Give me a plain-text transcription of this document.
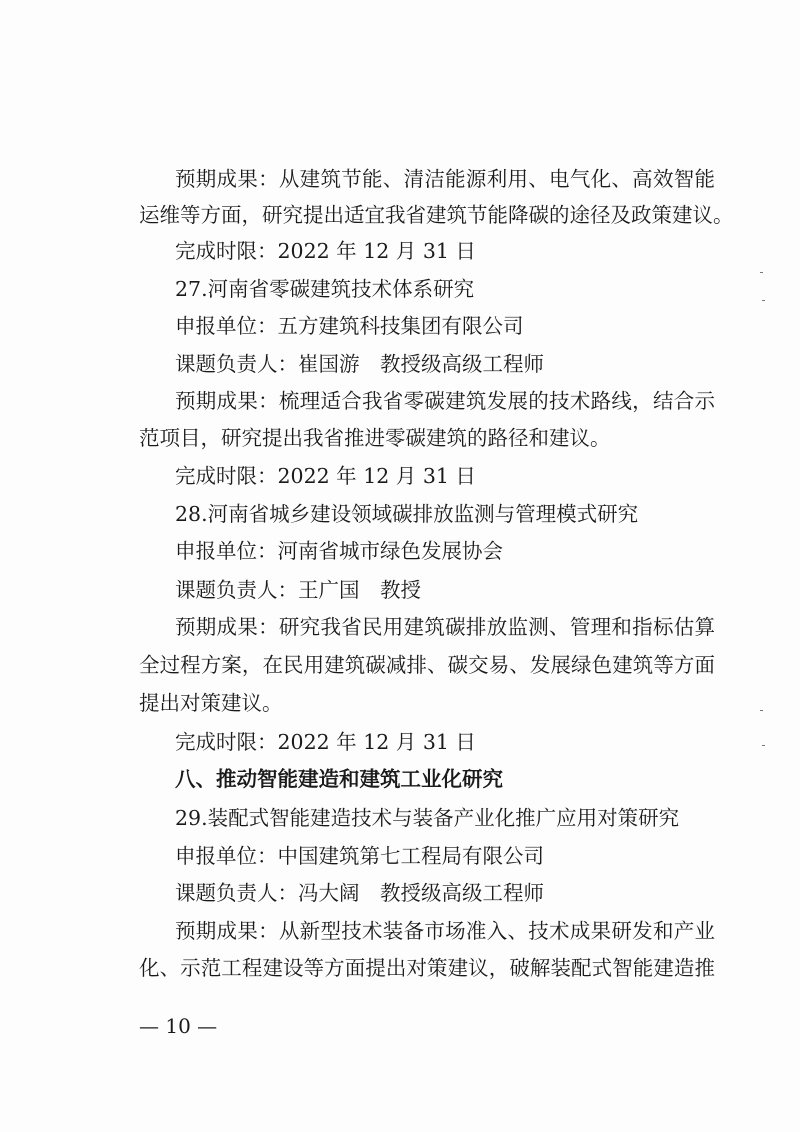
预期成果：从建筑节能、清洁能源利用、电气化、高效智能
运维等方面，研究提出适宜我省建筑节能降碳的途径及政策建议。
完成时限：2022 年 12 月 31 日
27.河南省零碳建筑技术体系研究
申报单位：五方建筑科技集团有限公司
课题负责人：崔国游　教授级高级工程师
预期成果：梳理适合我省零碳建筑发展的技术路线，结合示
范项目，研究提出我省推进零碳建筑的路径和建议。
完成时限：2022 年 12 月 31 日
28.河南省城乡建设领域碳排放监测与管理模式研究
申报单位：河南省城市绿色发展协会
课题负责人：王广国　教授
预期成果：研究我省民用建筑碳排放监测、管理和指标估算
全过程方案，在民用建筑碳减排、碳交易、发展绿色建筑等方面
提出对策建议。
完成时限：2022 年 12 月 31 日
八、推动智能建造和建筑工业化研究
29.装配式智能建造技术与装备产业化推广应用对策研究
申报单位：中国建筑第七工程局有限公司
课题负责人：冯大阔　教授级高级工程师
预期成果：从新型技术装备市场准入、技术成果研发和产业
化、示范工程建设等方面提出对策建议，破解装配式智能建造推
— 10 —
